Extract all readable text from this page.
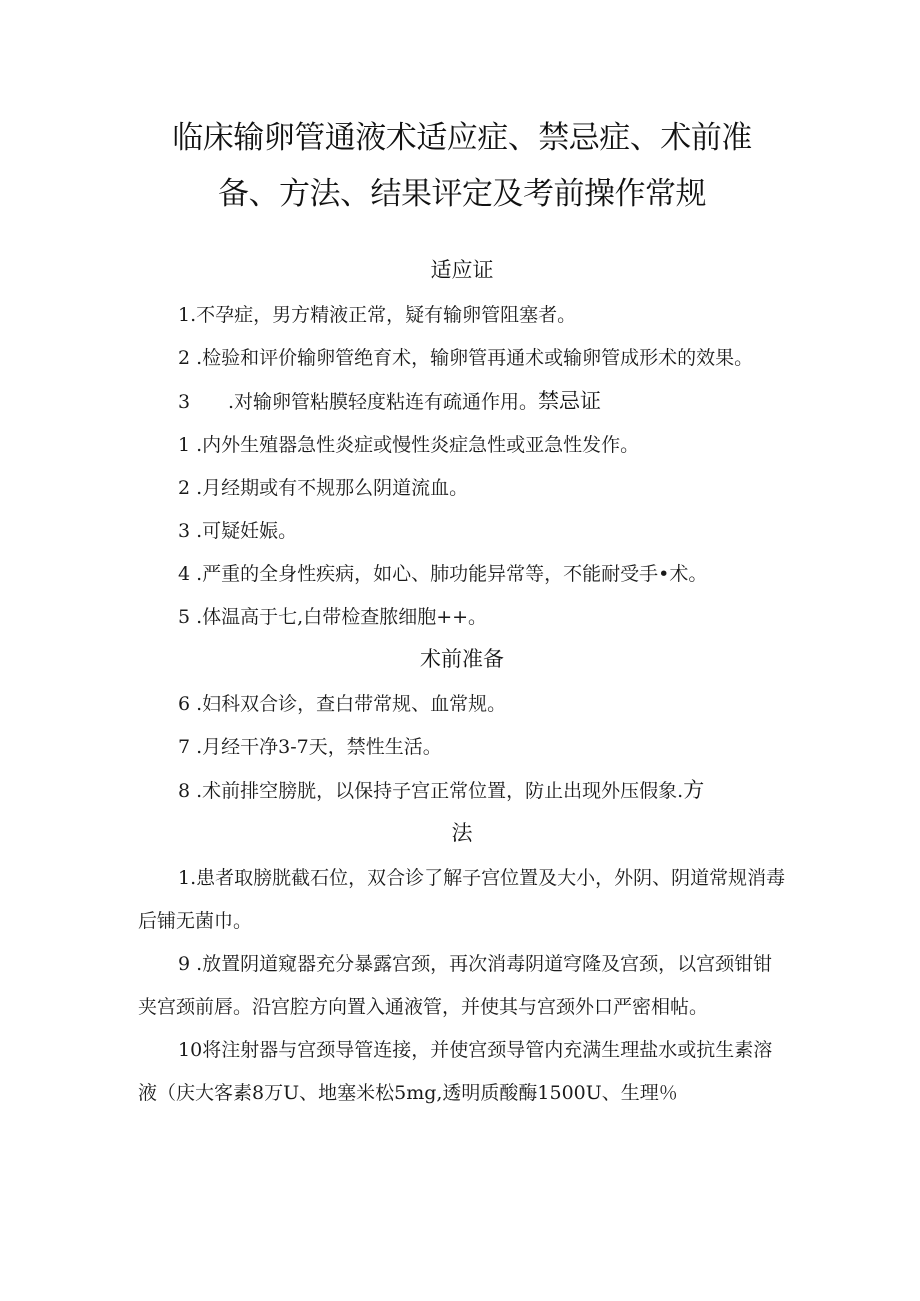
临床输卵管通液术适应症、禁忌症、术前准
备、方法、结果评定及考前操作常规
适应证

1.不孕症，男方精液正常，疑有输卵管阻塞者。

2 .检验和评价输卵管绝育术，输卵管再通术或输卵管成形术的效果。

3 .对输卵管粘膜轻度粘连有疏通作用。禁忌证

1 .内外生殖器急性炎症或慢性炎症急性或亚急性发作。

2 .月经期或有不规那么阴道流血。

3 .可疑妊娠。

4 .严重的全身性疾病，如心、肺功能异常等，不能耐受手•术。

5 .体温高于七,白带检查脓细胞++。

术前准备

6 .妇科双合诊，查白带常规、血常规。

7 .月经干净3-7天，禁性生活。

8 .术前排空膀胱，以保持子宫正常位置，防止出现外压假象.方

法

1.患者取膀胱截石位，双合诊了解子宫位置及大小，外阴、阴道常规消毒后铺无菌巾。

9 .放置阴道窥器充分暴露宫颈，再次消毒阴道穹隆及宫颈，以宫颈钳钳夹宫颈前唇。沿宫腔方向置入通液管，并使其与宫颈外口严密相帖。

10将注射器与宫颈导管连接，并使宫颈导管内充满生理盐水或抗生素溶液（庆大客素8万U、地塞米松5mg,透明质酸酶1500U、生理％
